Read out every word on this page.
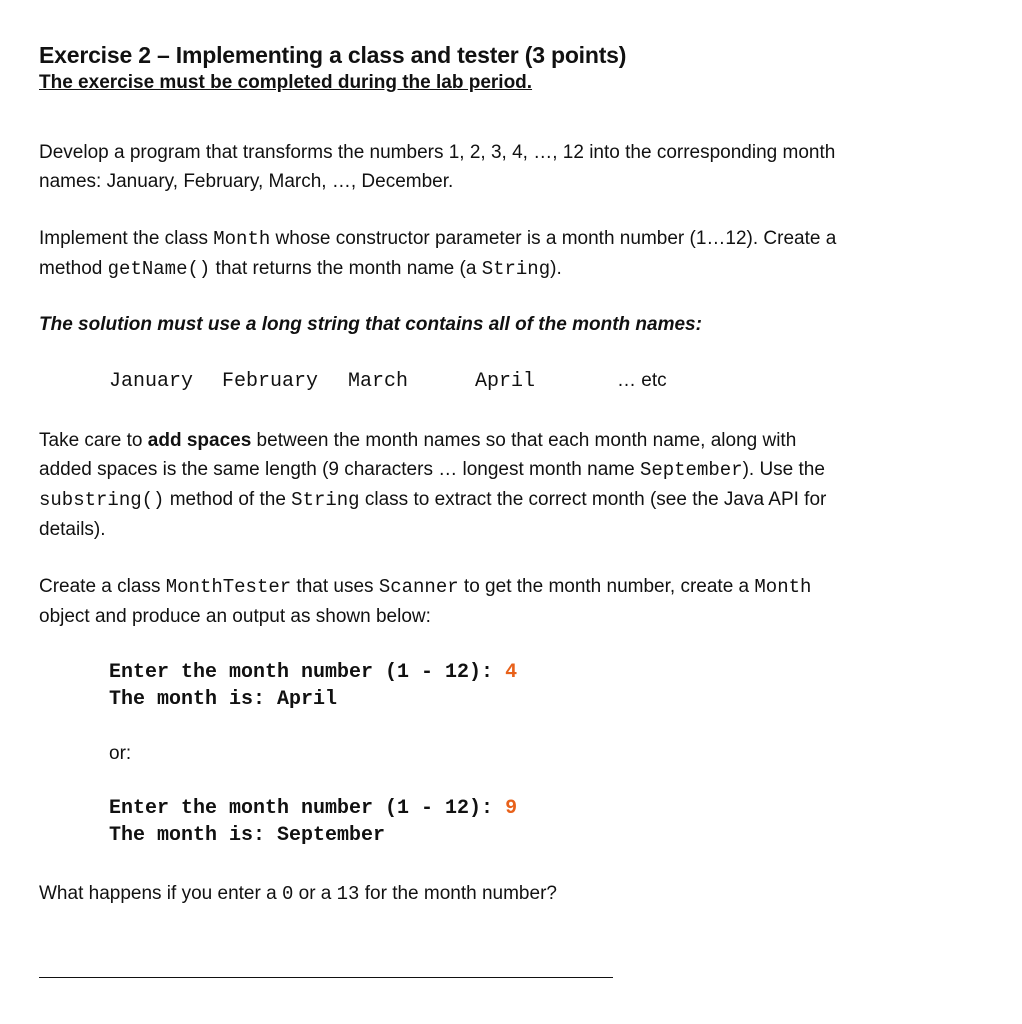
Exercise 2 – Implementing a class and tester (3 points)

The exercise must be completed during the lab period.

Develop a program that transforms the numbers 1, 2, 3, 4, …, 12 into the corresponding month
names: January, February, March, …, December.
Implement the class Month whose constructor parameter is a month number (1…12). Create a
method getName() that returns the month name (a String).

The solution must use a long string that contains all of the month names:

January February March	April	… etc
Take care to add spaces between the month names so that each month name, along with
added spaces is the same length (9 characters … longest month name September). Use the
substring() method of the String class to extract the correct month (see the Java API for
details).
Create a class MonthTester that uses Scanner to get the month number, create a Month
object and produce an output as shown below:
Enter the month number (1 - 12): 4
The month is: April
or:
Enter the month number (1 - 12): 9
The month is: September
What happens if you enter a 0 or a 13 for the month number?
